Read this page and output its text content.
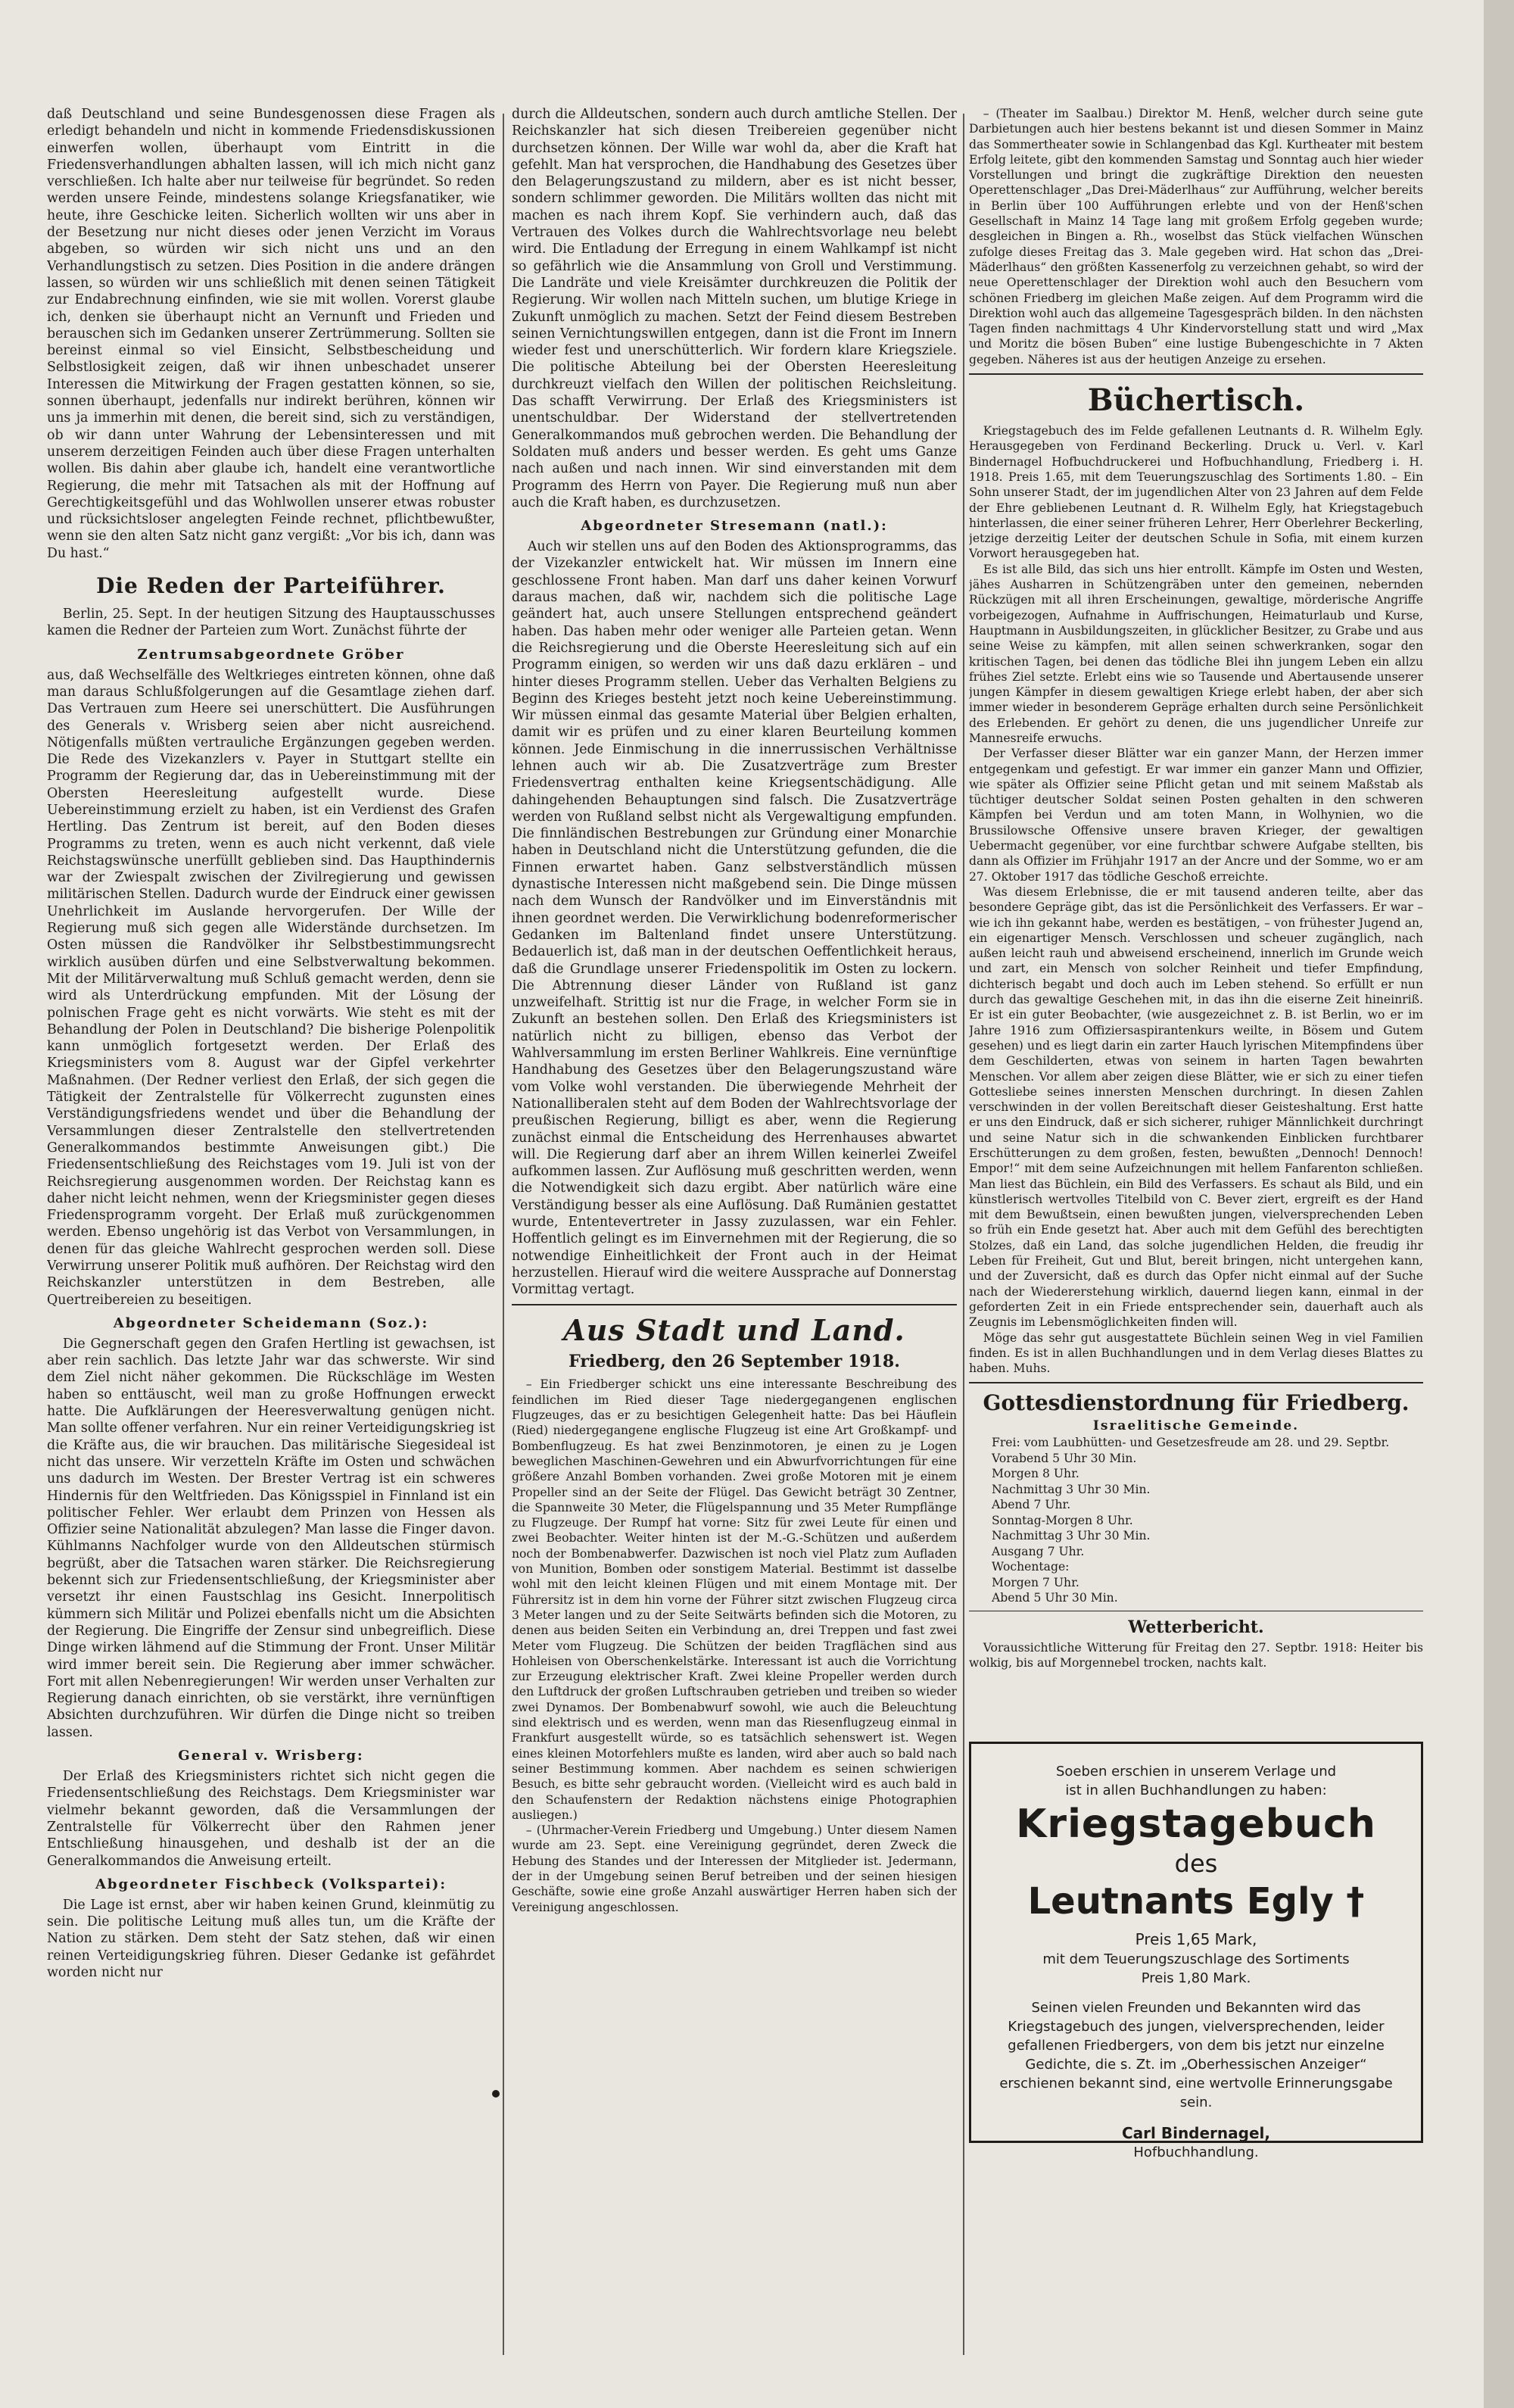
daß Deutschland und seine Bundesgenossen diese Fragen als erledigt behandeln und nicht in kommende Friedensdiskussionen einwerfen wollen, überhaupt vom Eintritt in die Friedensverhandlungen abhalten lassen, will ich mich nicht ganz verschließen. Ich halte aber nur teilweise für begründet. So reden werden unsere Feinde, mindestens solange Kriegsfanatiker, wie heute, ihre Geschicke leiten. Sicherlich wollten wir uns aber in der Besetzung nur nicht dieses oder jenen Verzicht im Voraus abgeben, so würden wir sich nicht uns und an den Verhandlungstisch zu setzen. Dies Position in die andere drängen lassen, so würden wir uns schließlich mit denen seinen Tätigkeit zur Endabrechnung einfinden, wie sie mit wollen. Vorerst glaube ich, denken sie überhaupt nicht an Vernunft und Frieden und berauschen sich im Gedanken unserer Zertrümmerung. Sollten sie bereinst einmal so viel Einsicht, Selbstbescheidung und Selbstlosigkeit zeigen, daß wir ihnen unbeschadet unserer Interessen die Mitwirkung der Fragen gestatten können, so sie, sonnen überhaupt, jedenfalls nur indirekt berühren, können wir uns ja immerhin mit denen, die bereit sind, sich zu verständigen, ob wir dann unter Wahrung der Lebensinteressen und mit unserem derzeitigen Feinden auch über diese Fragen unterhalten wollen. Bis dahin aber glaube ich, handelt eine verantwortliche Regierung, die mehr mit Tatsachen als mit der Hoffnung auf Gerechtigkeitsgefühl und das Wohlwollen unserer etwas robuster und rücksichtsloser angelegten Feinde rechnet, pflichtbewußter, wenn sie den alten Satz nicht ganz vergißt: „Vor bis ich, dann was Du hast.“

Die Reden der Parteiführer.

Berlin, 25. Sept. In der heutigen Sitzung des Hauptausschusses kamen die Redner der Parteien zum Wort. Zunächst führte der

Zentrumsabgeordnete Gröber

aus, daß Wechselfälle des Weltkrieges eintreten können, ohne daß man daraus Schlußfolgerungen auf die Gesamtlage ziehen darf. Das Vertrauen zum Heere sei unerschüttert. Die Ausführungen des Generals v. Wrisberg seien aber nicht ausreichend. Nötigenfalls müßten vertrauliche Ergänzungen gegeben werden. Die Rede des Vizekanzlers v. Payer in Stuttgart stellte ein Programm der Regierung dar, das in Uebereinstimmung mit der Obersten Heeresleitung aufgestellt wurde. Diese Uebereinstimmung erzielt zu haben, ist ein Verdienst des Grafen Hertling. Das Zentrum ist bereit, auf den Boden dieses Programms zu treten, wenn es auch nicht verkennt, daß viele Reichstagswünsche unerfüllt geblieben sind. Das Haupthindernis war der Zwiespalt zwischen der Zivilregierung und gewissen militärischen Stellen. Dadurch wurde der Eindruck einer gewissen Unehrlichkeit im Auslande hervorgerufen. Der Wille der Regierung muß sich gegen alle Widerstände durchsetzen. Im Osten müssen die Randvölker ihr Selbstbestimmungsrecht wirklich ausüben dürfen und eine Selbstverwaltung bekommen. Mit der Militärverwaltung muß Schluß gemacht werden, denn sie wird als Unterdrückung empfunden. Mit der Lösung der polnischen Frage geht es nicht vorwärts. Wie steht es mit der Behandlung der Polen in Deutschland? Die bisherige Polenpolitik kann unmöglich fortgesetzt werden. Der Erlaß des Kriegsministers vom 8. August war der Gipfel verkehrter Maßnahmen. (Der Redner verliest den Erlaß, der sich gegen die Tätigkeit der Zentralstelle für Völkerrecht zugunsten eines Verständigungsfriedens wendet und über die Behandlung der Versammlungen dieser Zentralstelle den stellvertretenden Generalkommandos bestimmte Anweisungen gibt.) Die Friedensentschließung des Reichstages vom 19. Juli ist von der Reichsregierung ausgenommen worden. Der Reichstag kann es daher nicht leicht nehmen, wenn der Kriegsminister gegen dieses Friedensprogramm vorgeht. Der Erlaß muß zurückgenommen werden. Ebenso ungehörig ist das Verbot von Versammlungen, in denen für das gleiche Wahlrecht gesprochen werden soll. Diese Verwirrung unserer Politik muß aufhören. Der Reichstag wird den Reichskanzler unterstützen in dem Bestreben, alle Quertreibereien zu beseitigen.

Abgeordneter Scheidemann (Soz.):

Die Gegnerschaft gegen den Grafen Hertling ist gewachsen, ist aber rein sachlich. Das letzte Jahr war das schwerste. Wir sind dem Ziel nicht näher gekommen. Die Rückschläge im Westen haben so enttäuscht, weil man zu große Hoffnungen erweckt hatte. Die Aufklärungen der Heeresverwaltung genügen nicht. Man sollte offener verfahren. Nur ein reiner Verteidigungskrieg ist die Kräfte aus, die wir brauchen. Das militärische Siegesideal ist nicht das unsere. Wir verzetteln Kräfte im Osten und schwächen uns dadurch im Westen. Der Brester Vertrag ist ein schweres Hindernis für den Weltfrieden. Das Königsspiel in Finnland ist ein politischer Fehler. Wer erlaubt dem Prinzen von Hessen als Offizier seine Nationalität abzulegen? Man lasse die Finger davon. Kühlmanns Nachfolger wurde von den Alldeutschen stürmisch begrüßt, aber die Tatsachen waren stärker. Die Reichsregierung bekennt sich zur Friedensentschließung, der Kriegsminister aber versetzt ihr einen Faustschlag ins Gesicht. Innerpolitisch kümmern sich Militär und Polizei ebenfalls nicht um die Absichten der Regierung. Die Eingriffe der Zensur sind unbegreiflich. Diese Dinge wirken lähmend auf die Stimmung der Front. Unser Militär wird immer bereit sein. Die Regierung aber immer schwächer. Fort mit allen Nebenregierungen! Wir werden unser Verhalten zur Regierung danach einrichten, ob sie verstärkt, ihre vernünftigen Absichten durchzuführen. Wir dürfen die Dinge nicht so treiben lassen.

General v. Wrisberg:

Der Erlaß des Kriegsministers richtet sich nicht gegen die Friedensentschließung des Reichstags. Dem Kriegsminister war vielmehr bekannt geworden, daß die Versammlungen der Zentralstelle für Völkerrecht über den Rahmen jener Entschließung hinausgehen, und deshalb ist der an die Generalkommandos die Anweisung erteilt.

Abgeordneter Fischbeck (Volkspartei):

Die Lage ist ernst, aber wir haben keinen Grund, kleinmütig zu sein. Die politische Leitung muß alles tun, um die Kräfte der Nation zu stärken. Dem steht der Satz stehen, daß wir einen reinen Verteidigungskrieg führen. Dieser Gedanke ist gefährdet worden nicht nur

durch die Alldeutschen, sondern auch durch amtliche Stellen. Der Reichskanzler hat sich diesen Treibereien gegenüber nicht durchsetzen können. Der Wille war wohl da, aber die Kraft hat gefehlt. Man hat versprochen, die Handhabung des Gesetzes über den Belagerungszustand zu mildern, aber es ist nicht besser, sondern schlimmer geworden. Die Militärs wollten das nicht mit machen es nach ihrem Kopf. Sie verhindern auch, daß das Vertrauen des Volkes durch die Wahlrechtsvorlage neu belebt wird. Die Entladung der Erregung in einem Wahlkampf ist nicht so gefährlich wie die Ansammlung von Groll und Verstimmung. Die Landräte und viele Kreisämter durchkreuzen die Politik der Regierung. Wir wollen nach Mitteln suchen, um blutige Kriege in Zukunft unmöglich zu machen. Setzt der Feind diesem Bestreben seinen Vernichtungswillen entgegen, dann ist die Front im Innern wieder fest und unerschütterlich. Wir fordern klare Kriegsziele. Die politische Abteilung bei der Obersten Heeresleitung durchkreuzt vielfach den Willen der politischen Reichsleitung. Das schafft Verwirrung. Der Erlaß des Kriegsministers ist unentschuldbar. Der Widerstand der stellvertretenden Generalkommandos muß gebrochen werden. Die Behandlung der Soldaten muß anders und besser werden. Es geht ums Ganze nach außen und nach innen. Wir sind einverstanden mit dem Programm des Herrn von Payer. Die Regierung muß nun aber auch die Kraft haben, es durchzusetzen.

Abgeordneter Stresemann (natl.):

Auch wir stellen uns auf den Boden des Aktionsprogramms, das der Vizekanzler entwickelt hat. Wir müssen im Innern eine geschlossene Front haben. Man darf uns daher keinen Vorwurf daraus machen, daß wir, nachdem sich die politische Lage geändert hat, auch unsere Stellungen entsprechend geändert haben. Das haben mehr oder weniger alle Parteien getan. Wenn die Reichsregierung und die Oberste Heeresleitung sich auf ein Programm einigen, so werden wir uns daß dazu erklären – und hinter dieses Programm stellen. Ueber das Verhalten Belgiens zu Beginn des Krieges besteht jetzt noch keine Uebereinstimmung. Wir müssen einmal das gesamte Material über Belgien erhalten, damit wir es prüfen und zu einer klaren Beurteilung kommen können. Jede Einmischung in die innerrussischen Verhältnisse lehnen auch wir ab. Die Zusatzverträge zum Brester Friedensvertrag enthalten keine Kriegsentschädigung. Alle dahingehenden Behauptungen sind falsch. Die Zusatzverträge werden von Rußland selbst nicht als Vergewaltigung empfunden. Die finnländischen Bestrebungen zur Gründung einer Monarchie haben in Deutschland nicht die Unterstützung gefunden, die die Finnen erwartet haben. Ganz selbstverständlich müssen dynastische Interessen nicht maßgebend sein. Die Dinge müssen nach dem Wunsch der Randvölker und im Einverständnis mit ihnen geordnet werden. Die Verwirklichung bodenreformerischer Gedanken im Baltenland findet unsere Unterstützung. Bedauerlich ist, daß man in der deutschen Oeffentlichkeit heraus, daß die Grundlage unserer Friedenspolitik im Osten zu lockern. Die Abtrennung dieser Länder von Rußland ist ganz unzweifelhaft. Strittig ist nur die Frage, in welcher Form sie in Zukunft an bestehen sollen. Den Erlaß des Kriegsministers ist natürlich nicht zu billigen, ebenso das Verbot der Wahlversammlung im ersten Berliner Wahlkreis. Eine vernünftige Handhabung des Gesetzes über den Belagerungszustand wäre vom Volke wohl verstanden. Die überwiegende Mehrheit der Nationalliberalen steht auf dem Boden der Wahlrechtsvorlage der preußischen Regierung, billigt es aber, wenn die Regierung zunächst einmal die Entscheidung des Herrenhauses abwartet will. Die Regierung darf aber an ihrem Willen keinerlei Zweifel aufkommen lassen. Zur Auflösung muß geschritten werden, wenn die Notwendigkeit sich dazu ergibt. Aber natürlich wäre eine Verständigung besser als eine Auflösung. Daß Rumänien gestattet wurde, Ententevertreter in Jassy zuzulassen, war ein Fehler. Hoffentlich gelingt es im Einvernehmen mit der Regierung, die so notwendige Einheitlichkeit der Front auch in der Heimat herzustellen. Hierauf wird die weitere Aussprache auf Donnerstag Vormittag vertagt.

Aus Stadt und Land.
Friedberg, den 26 September 1918.

– Ein Friedberger schickt uns eine interessante Beschreibung des feindlichen im Ried dieser Tage niedergegangenen englischen Flugzeuges, das er zu besichtigen Gelegenheit hatte: Das bei Häuflein (Ried) niedergegangene englische Flugzeug ist eine Art Großkampf- und Bombenflugzeug. Es hat zwei Benzinmotoren, je einen zu je Logen beweglichen Maschinen-Gewehren und ein Abwurfvorrichtungen für eine größere Anzahl Bomben vorhanden. Zwei große Motoren mit je einem Propeller sind an der Seite der Flügel. Das Gewicht beträgt 30 Zentner, die Spannweite 30 Meter, die Flügelspannung und 35 Meter Rumpflänge zu Flugzeuge. Der Rumpf hat vorne: Sitz für zwei Leute für einen und zwei Beobachter. Weiter hinten ist der M.-G.-Schützen und außerdem noch der Bombenabwerfer. Dazwischen ist noch viel Platz zum Aufladen von Munition, Bomben oder sonstigem Material. Bestimmt ist dasselbe wohl mit den leicht kleinen Flügen und mit einem Montage mit. Der Führersitz ist in dem hin vorne der Führer sitzt zwischen Flugzeug circa 3 Meter langen und zu der Seite Seitwärts befinden sich die Motoren, zu denen aus beiden Seiten ein Verbindung an, drei Treppen und fast zwei Meter vom Flugzeug. Die Schützen der beiden Tragflächen sind aus Hohleisen von Oberschenkelstärke. Interessant ist auch die Vorrichtung zur Erzeugung elektrischer Kraft. Zwei kleine Propeller werden durch den Luftdruck der großen Luftschrauben getrieben und treiben so wieder zwei Dynamos. Der Bombenabwurf sowohl, wie auch die Beleuchtung sind elektrisch und es werden, wenn man das Riesenflugzeug einmal in Frankfurt ausgestellt würde, so es tatsächlich sehenswert ist. Wegen eines kleinen Motorfehlers mußte es landen, wird aber auch so bald nach seiner Bestimmung kommen. Aber nachdem es seinen schwierigen Besuch, es bitte sehr gebraucht worden. (Vielleicht wird es auch bald in den Schaufenstern der Redaktion nächstens einige Photographien ausliegen.)

– (Uhrmacher-Verein Friedberg und Umgebung.) Unter diesem Namen wurde am 23. Sept. eine Vereinigung gegründet, deren Zweck die Hebung des Standes und der Interessen der Mitglieder ist. Jedermann, der in der Umgebung seinen Beruf betreiben und der seinen hiesigen Geschäfte, sowie eine große Anzahl auswärtiger Herren haben sich der Vereinigung angeschlossen.

– (Theater im Saalbau.) Direktor M. Henß, welcher durch seine gute Darbietungen auch hier bestens bekannt ist und diesen Sommer in Mainz das Sommertheater sowie in Schlangenbad das Kgl. Kurtheater mit bestem Erfolg leitete, gibt den kommenden Samstag und Sonntag auch hier wieder Vorstellungen und bringt die zugkräftige Direktion den neuesten Operettenschlager „Das Drei-Mäderlhaus“ zur Aufführung, welcher bereits in Berlin über 100 Aufführungen erlebte und von der Henß'schen Gesellschaft in Mainz 14 Tage lang mit großem Erfolg gegeben wurde; desgleichen in Bingen a. Rh., woselbst das Stück vielfachen Wünschen zufolge dieses Freitag das 3. Male gegeben wird. Hat schon das „Drei-Mäderlhaus“ den größten Kassenerfolg zu verzeichnen gehabt, so wird der neue Operettenschlager der Direktion wohl auch den Besuchern vom schönen Friedberg im gleichen Maße zeigen. Auf dem Programm wird die Direktion wohl auch das allgemeine Tagesgespräch bilden. In den nächsten Tagen finden nachmittags 4 Uhr Kindervorstellung statt und wird „Max und Moritz die bösen Buben“ eine lustige Bubengeschichte in 7 Akten gegeben. Näheres ist aus der heutigen Anzeige zu ersehen.

Büchertisch.

Kriegstagebuch des im Felde gefallenen Leutnants d. R. Wilhelm Egly. Herausgegeben von Ferdinand Beckerling. Druck u. Verl. v. Karl Bindernagel Hofbuchdruckerei und Hofbuchhandlung, Friedberg i. H. 1918. Preis 1.65, mit dem Teuerungszuschlag des Sortiments 1.80. – Ein Sohn unserer Stadt, der im jugendlichen Alter von 23 Jahren auf dem Felde der Ehre gebliebenen Leutnant d. R. Wilhelm Egly, hat Kriegstagebuch hinterlassen, die einer seiner früheren Lehrer, Herr Oberlehrer Beckerling, jetzige derzeitig Leiter der deutschen Schule in Sofia, mit einem kurzen Vorwort herausgegeben hat.

Es ist alle Bild, das sich uns hier entrollt. Kämpfe im Osten und Westen, jähes Ausharren in Schützengräben unter den gemeinen, nebernden Rückzügen mit all ihren Erscheinungen, gewaltige, mörderische Angriffe vorbeigezogen, Aufnahme in Auffrischungen, Heimaturlaub und Kurse, Hauptmann in Ausbildungszeiten, in glücklicher Besitzer, zu Grabe und aus seine Weise zu kämpfen, mit allen seinen schwerkranken, sogar den kritischen Tagen, bei denen das tödliche Blei ihn jungem Leben ein allzu frühes Ziel setzte. Erlebt eins wie so Tausende und Abertausende unserer jungen Kämpfer in diesem gewaltigen Kriege erlebt haben, der aber sich immer wieder in besonderem Gepräge erhalten durch seine Persönlichkeit des Erlebenden. Er gehört zu denen, die uns jugendlicher Unreife zur Mannesreife erwuchs.

Der Verfasser dieser Blätter war ein ganzer Mann, der Herzen immer entgegenkam und gefestigt. Er war immer ein ganzer Mann und Offizier, wie später als Offizier seine Pflicht getan und mit seinem Maßstab als tüchtiger deutscher Soldat seinen Posten gehalten in den schweren Kämpfen bei Verdun und am toten Mann, in Wolhynien, wo die Brussilowsche Offensive unsere braven Krieger, der gewaltigen Uebermacht gegenüber, vor eine furchtbar schwere Aufgabe stellten, bis dann als Offizier im Frühjahr 1917 an der Ancre und der Somme, wo er am 27. Oktober 1917 das tödliche Geschoß erreichte.

Was diesem Erlebnisse, die er mit tausend anderen teilte, aber das besondere Gepräge gibt, das ist die Persönlichkeit des Verfassers. Er war – wie ich ihn gekannt habe, werden es bestätigen, – von frühester Jugend an, ein eigenartiger Mensch. Verschlossen und scheuer zugänglich, nach außen leicht rauh und abweisend erscheinend, innerlich im Grunde weich und zart, ein Mensch von solcher Reinheit und tiefer Empfindung, dichterisch begabt und doch auch im Leben stehend. So erfüllt er nun durch das gewaltige Geschehen mit, in das ihn die eiserne Zeit hineinriß. Er ist ein guter Beobachter, (wie ausgezeichnet z. B. ist Berlin, wo er im Jahre 1916 zum Offiziersaspirantenkurs weilte, in Bösem und Gutem gesehen) und es liegt darin ein zarter Hauch lyrischen Mitempfindens über dem Geschilderten, etwas von seinem in harten Tagen bewahrten Menschen. Vor allem aber zeigen diese Blätter, wie er sich zu einer tiefen Gottesliebe seines innersten Menschen durchringt. In diesen Zahlen verschwinden in der vollen Bereitschaft dieser Geisteshaltung. Erst hatte er uns den Eindruck, daß er sich sicherer, ruhiger Männlichkeit durchringt und seine Natur sich in die schwankenden Einblicken furchtbarer Erschütterungen zu dem großen, festen, bewußten „Dennoch! Dennoch! Empor!“ mit dem seine Aufzeichnungen mit hellem Fanfarenton schließen. Man liest das Büchlein, ein Bild des Verfassers. Es schaut als Bild, und ein künstlerisch wertvolles Titelbild von C. Bever ziert, ergreift es der Hand mit dem Bewußtsein, einen bewußten jungen, vielversprechenden Leben so früh ein Ende gesetzt hat. Aber auch mit dem Gefühl des berechtigten Stolzes, daß ein Land, das solche jugendlichen Helden, die freudig ihr Leben für Freiheit, Gut und Blut, bereit bringen, nicht untergehen kann, und der Zuversicht, daß es durch das Opfer nicht einmal auf der Suche nach der Wiedererstehung wirklich, dauernd liegen kann, einmal in der geforderten Zeit in ein Friede entsprechender sein, dauerhaft auch als Zeugnis im Lebensmöglichkeiten finden will.

Möge das sehr gut ausgestattete Büchlein seinen Weg in viel Familien finden. Es ist in allen Buchhandlungen und in dem Verlag dieses Blattes zu haben. Muhs.

Gottesdienstordnung für Friedberg.
Israelitische Gemeinde.
Frei: vom Laubhütten- und Gesetzesfreude am 28. und 29. Septbr.
Vorabend 5 Uhr 30 Min.
Morgen 8 Uhr.
Nachmittag 3 Uhr 30 Min.
Abend 7 Uhr.
Sonntag-Morgen 8 Uhr.
Nachmittag 3 Uhr 30 Min.
Ausgang 7 Uhr.
Wochentage:
Morgen 7 Uhr.
Abend 5 Uhr 30 Min.
Wetterbericht.

Voraussichtliche Witterung für Freitag den 27. Septbr. 1918: Heiter bis wolkig, bis auf Morgennebel trocken, nachts kalt.

Soeben erschien in unserem Verlage und
ist in allen Buchhandlungen zu haben:
Kriegstagebuch
des
Leutnants Egly †
Preis 1,65 Mark,
mit dem Teuerungszuschlage des Sortiments
Preis 1,80 Mark.
Seinen vielen Freunden und Bekannten wird das Kriegstagebuch des jungen, vielversprechenden, leider gefallenen Friedbergers, von dem bis jetzt nur einzelne Gedichte, die s. Zt. im „Oberhessischen Anzeiger“ erschienen bekannt sind, eine wertvolle Erinnerungsgabe sein.
Carl Bindernagel,
Hofbuchhandlung.
